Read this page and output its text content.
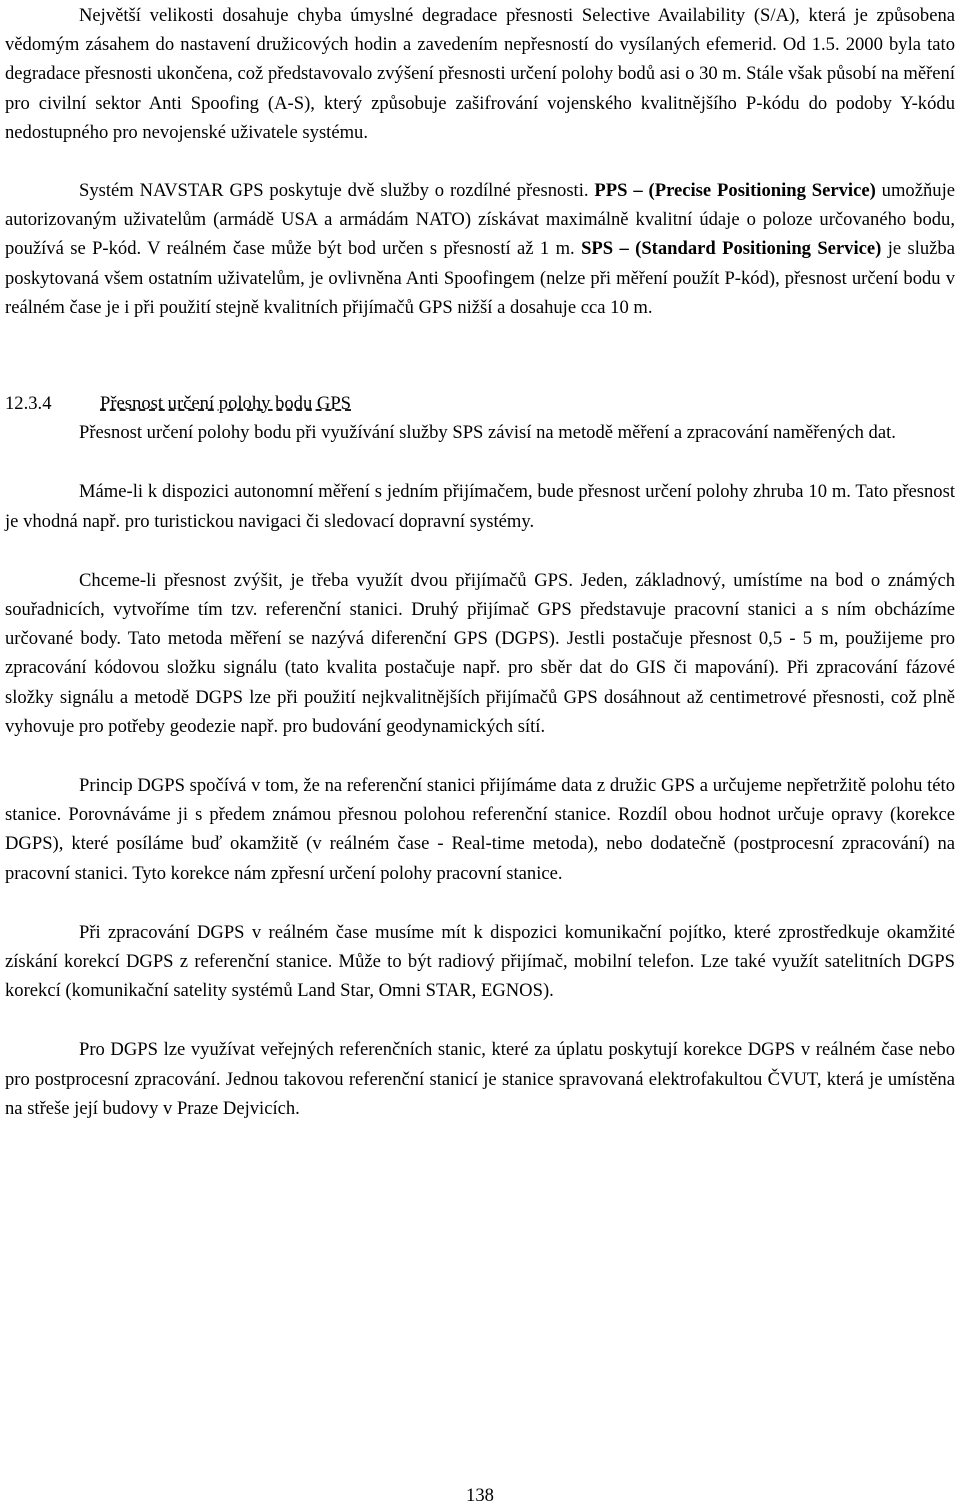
Největší velikosti dosahuje chyba úmyslné degradace přesnosti Selective Availability (S/A), která je způsobena vědomým zásahem do nastavení družicových hodin a zavedením nepřesností do vysílaných efemerid. Od 1.5. 2000 byla tato degradace přesnosti ukončena, což představovalo zvýšení přesnosti určení polohy bodů asi o 30 m. Stále však působí na měření pro civilní sektor Anti Spoofing (A-S), který způsobuje zašifrování vojenského kvalitnějšího P-kódu do podoby Y-kódu nedostupného pro nevojenské uživatele systému.

Systém NAVSTAR GPS poskytuje dvě služby o rozdílné přesnosti. PPS – (Precise Positioning Service) umožňuje autorizovaným uživatelům (armádě USA a armádám NATO) získávat maximálně kvalitní údaje o poloze určovaného bodu, používá se P-kód. V reálném čase může být bod určen s přesností až 1 m. SPS – (Standard Positioning Service) je služba poskytovaná všem ostatním uživatelům, je ovlivněna Anti Spoofingem (nelze při měření použít P-kód), přesnost určení bodu v reálném čase je i při použití stejně kvalitních přijímačů GPS nižší a dosahuje cca 10 m.

12.3.4	Přesnost určení polohy bodu GPS

Přesnost určení polohy bodu při využívání služby SPS závisí na metodě měření a zpracování naměřených dat.

Máme-li k dispozici autonomní měření s jedním přijímačem, bude přesnost určení polohy zhruba 10 m. Tato přesnost je vhodná např. pro turistickou navigaci či sledovací dopravní systémy.

Chceme-li přesnost zvýšit, je třeba využít dvou přijímačů GPS. Jeden, základnový, umístíme na bod o známých souřadnicích, vytvoříme tím tzv. referenční stanici. Druhý přijímač GPS představuje pracovní stanici a s ním obcházíme určované body. Tato metoda měření se nazývá diferenční GPS (DGPS). Jestli postačuje přesnost 0,5 - 5 m, použijeme pro zpracování kódovou složku signálu (tato kvalita postačuje např. pro sběr dat do GIS či mapování). Při zpracování fázové složky signálu a metodě DGPS lze při použití nejkvalitnějších přijímačů GPS dosáhnout až centimetrové přesnosti, což plně vyhovuje pro potřeby geodezie např. pro budování geodynamických sítí.

Princip DGPS spočívá v tom, že na referenční stanici přijímáme data z družic GPS a určujeme nepřetržitě polohu této stanice. Porovnáváme ji s předem známou přesnou polohou referenční stanice. Rozdíl obou hodnot určuje opravy (korekce DGPS), které posíláme buď okamžitě (v reálném čase - Real-time metoda), nebo dodatečně (postprocesní zpracování) na pracovní stanici. Tyto korekce nám zpřesní určení polohy pracovní stanice.

Při zpracování DGPS v reálném čase musíme mít k dispozici komunikační pojítko, které zprostředkuje okamžité získání korekcí DGPS z referenční stanice. Může to být radiový přijímač, mobilní telefon. Lze také využít satelitních DGPS korekcí (komunikační satelity systémů Land Star, Omni STAR, EGNOS).

Pro DGPS lze využívat veřejných referenčních stanic, které za úplatu poskytují korekce DGPS v reálném čase nebo pro postprocesní zpracování. Jednou takovou referenční stanicí je stanice spravovaná elektrofakultou ČVUT, která je umístěna na střeše její budovy v Praze Dejvicích.

138
